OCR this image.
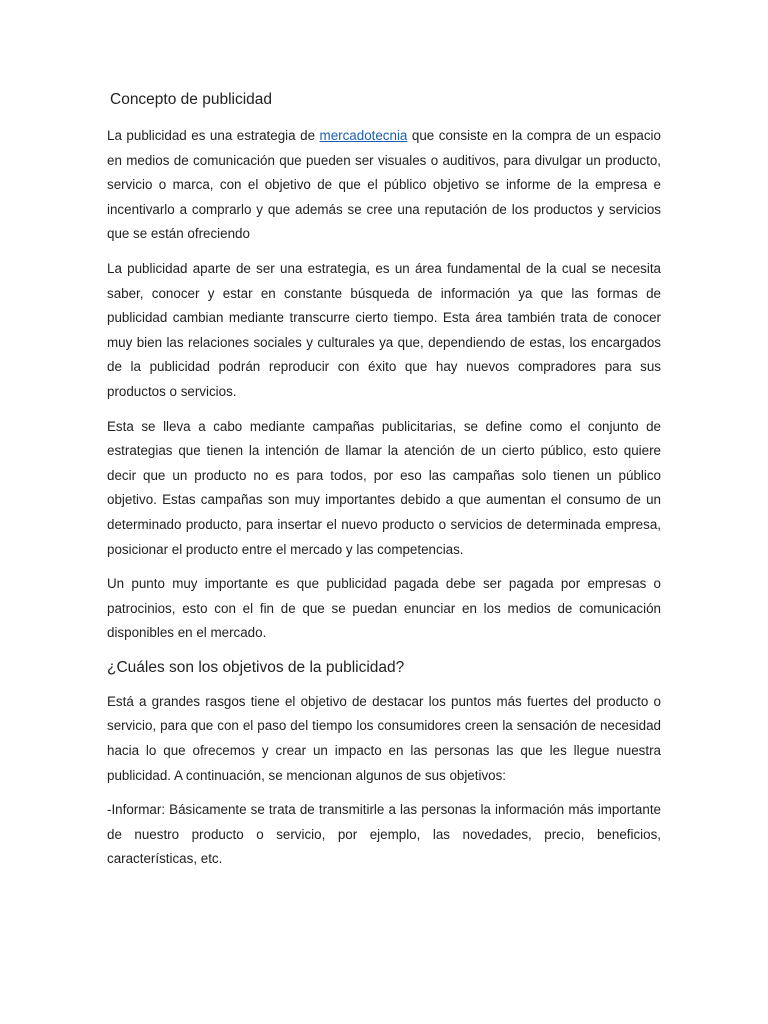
Concepto de publicidad

La publicidad es una estrategia de mercadotecnia que consiste en la compra de un espacio en medios de comunicación que pueden ser visuales o auditivos, para divulgar un producto, servicio o marca, con el objetivo de que el público objetivo se informe de la empresa e incentivarlo a comprarlo y que además se cree una reputación de los productos y servicios que se están ofreciendo

La publicidad aparte de ser una estrategia, es un área fundamental de la cual se necesita saber, conocer y estar en constante búsqueda de información ya que las formas de publicidad cambian mediante transcurre cierto tiempo. Esta área también trata de conocer muy bien las relaciones sociales y culturales ya que, dependiendo de estas, los encargados de la publicidad podrán reproducir con éxito que hay nuevos compradores para sus productos o servicios.

Esta se lleva a cabo mediante campañas publicitarias, se define como el conjunto de estrategias que tienen la intención de llamar la atención de un cierto público, esto quiere decir que un producto no es para todos, por eso las campañas solo tienen un público objetivo. Estas campañas son muy importantes debido a que aumentan el consumo de un determinado producto, para insertar el nuevo producto o servicios de determinada empresa, posicionar el producto entre el mercado y las competencias.

Un punto muy importante es que publicidad pagada debe ser pagada por empresas o patrocinios, esto con el fin de que se puedan enunciar en los medios de comunicación disponibles en el mercado.

¿Cuáles son los objetivos de la publicidad?

Está a grandes rasgos tiene el objetivo de destacar los puntos más fuertes del producto o servicio, para que con el paso del tiempo los consumidores creen la sensación de necesidad hacia lo que ofrecemos y crear un impacto en las personas las que les llegue nuestra publicidad. A continuación, se mencionan algunos de sus objetivos:

-Informar: Básicamente se trata de transmitirle a las personas la información más importante de nuestro producto o servicio, por ejemplo, las novedades, precio, beneficios, características, etc.
